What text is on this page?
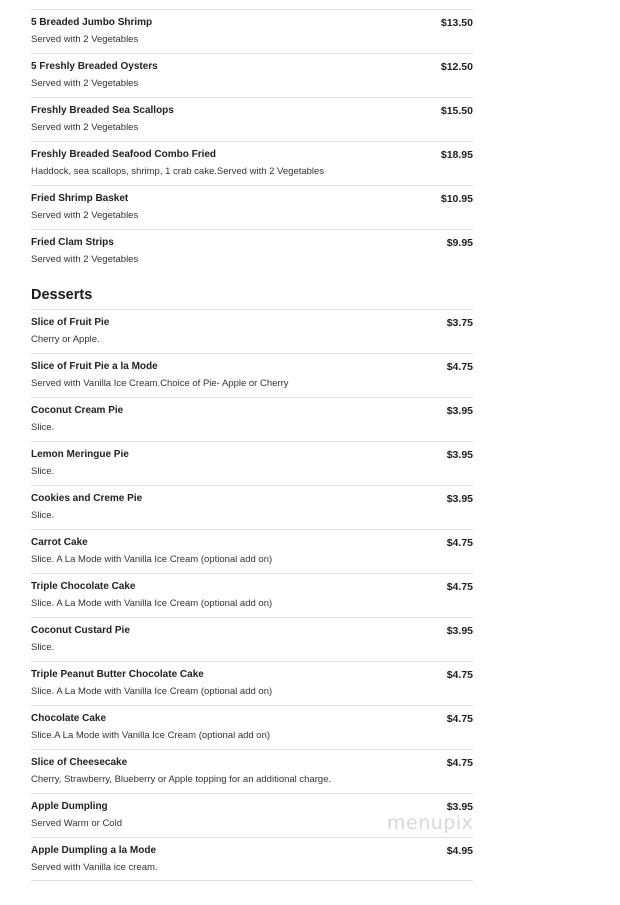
5 Breaded Jumbo Shrimp
Served with 2 Vegetables
$13.50
5 Freshly Breaded Oysters
Served with 2 Vegetables
$12.50
Freshly Breaded Sea Scallops
Served with 2 Vegetables
$15.50
Freshly Breaded Seafood Combo Fried
Haddock, sea scallops, shrimp, 1 crab cake.Served with 2 Vegetables
$18.95
Fried Shrimp Basket
Served with 2 Vegetables
$10.95
Fried Clam Strips
Served with 2 Vegetables
$9.95
Desserts
Slice of Fruit Pie
Cherry or Apple.
$3.75
Slice of Fruit Pie a la Mode
Served with Vanilla Ice Cream.Choice of Pie- Apple or Cherry
$4.75
Coconut Cream Pie
Slice.
$3.95
Lemon Meringue Pie
Slice.
$3.95
Cookies and Creme Pie
Slice.
$3.95
Carrot Cake
Slice. A La Mode with Vanilla Ice Cream (optional add on)
$4.75
Triple Chocolate Cake
Slice. A La Mode with Vanilla Ice Cream (optional add on)
$4.75
Coconut Custard Pie
Slice.
$3.95
Triple Peanut Butter Chocolate Cake
Slice. A La Mode with Vanilla Ice Cream (optional add on)
$4.75
Chocolate Cake
Slice.A La Mode with Vanilla Ice Cream (optional add on)
$4.75
Slice of Cheesecake
Cherry, Strawberry, Blueberry or Apple topping for an additional charge.
$4.75
Apple Dumpling
Served Warm or Cold
$3.95
Apple Dumpling a la Mode
Served with Vanilla ice cream.
$4.95
menupix
